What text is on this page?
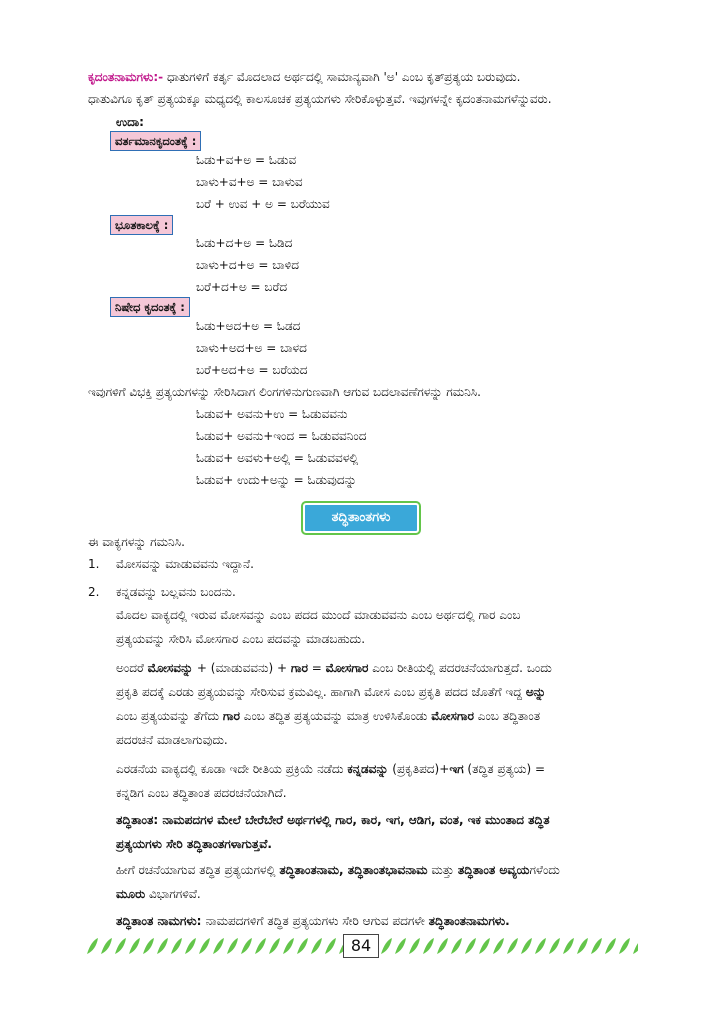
ಕೃದಂತನಾಮಗಳು:- ಧಾತುಗಳಿಗೆ ಕರ್ತೃ ಮೊದಲಾದ ಅರ್ಥದಲ್ಲಿ ಸಾಮಾನ್ಯವಾಗಿ 'ಅ' ಎಂಬ ಕೃತ್‍ಪ್ರತ್ಯಯ ಬರುವುದು.
ಧಾತುವಿಗೂ ಕೃತ್ ಪ್ರತ್ಯಯಕ್ಕೂ ಮಧ್ಯದಲ್ಲಿ ಕಾಲಸೂಚಕ ಪ್ರತ್ಯಯಗಳು ಸೇರಿಕೊಳ್ಳುತ್ತವೆ. ಇವುಗಳನ್ನೇ ಕೃದಂತನಾಮಗಳೆನ್ನುವರು.

ಉದಾ:
ವರ್ತಮಾನಕೃದಂತಕ್ಕೆ :
ಓಡು+ವ+ಅ = ಓಡುವ
ಬಾಳು+ವ+ಅ = ಬಾಳುವ
ಬರೆ + ಉವ + ಅ = ಬರೆಯುವ
ಭೂತಕಾಲಕ್ಕೆ :
ಓಡು+ದ+ಅ = ಓಡಿದ
ಬಾಳು+ದ+ಅ = ಬಾಳಿದ
ಬರೆ+ದ+ಅ = ಬರೆದ
ನಿಷೇಧ ಕೃದಂತಕ್ಕೆ :
ಓಡು+ಅದ+ಅ = ಓಡದ
ಬಾಳು+ಅದ+ಅ = ಬಾಳದ
ಬರೆ+ಅದ+ಅ = ಬರೆಯದ
ಇವುಗಳಿಗೆ ವಿಭಕ್ತಿ ಪ್ರತ್ಯಯಗಳನ್ನು ಸೇರಿಸಿದಾಗ ಲಿಂಗಗಳಿನುಗುಣವಾಗಿ ಆಗುವ ಬದಲಾವಣೆಗಳನ್ನು ಗಮನಿಸಿ.
ಓಡುವ+ ಅವನು+ಉ = ಓಡುವವನು
ಓಡುವ+ ಅವನು+ಇಂದ = ಓಡುವವನಿಂದ
ಓಡುವ+ ಅವಳು+ಅಲ್ಲಿ = ಓಡುವವಳಲ್ಲಿ
ಓಡುವ+ ಉದು+ಅನ್ನು = ಓಡುವುದನ್ನು
ತದ್ಧಿತಾಂತಗಳು
ಈ ವಾಕ್ಯಗಳನ್ನು ಗಮನಿಸಿ.
1. ಮೋಸವನ್ನು ಮಾಡುವವನು ಇದ್ದಾನೆ.
2. ಕನ್ನಡವನ್ನು ಬಲ್ಲವನು ಬಂದನು.

ಮೊದಲ ವಾಕ್ಯದಲ್ಲಿ ಇರುವ ಮೋಸವನ್ನು ಎಂಬ ಪದದ ಮುಂದೆ ಮಾಡುವವನು ಎಂಬ ಅರ್ಥದಲ್ಲಿ ಗಾರ ಎಂಬ
ಪ್ರತ್ಯಯವನ್ನು ಸೇರಿಸಿ ಮೋಸಗಾರ ಎಂಬ ಪದವನ್ನು ಮಾಡಬಹುದು.

ಅಂದರೆ ಮೋಸವನ್ನು + (ಮಾಡುವವನು) + ಗಾರ = ಮೋಸಗಾರ ಎಂಬ ರೀತಿಯಲ್ಲಿ ಪದರಚನೆಯಾಗುತ್ತದೆ. ಒಂದು
ಪ್ರಕೃತಿ ಪದಕ್ಕೆ ಎರಡು ಪ್ರತ್ಯಯವನ್ನು ಸೇರಿಸುವ ಕ್ರಮವಿಲ್ಲ. ಹಾಗಾಗಿ ಮೋಸ ಎಂಬ ಪ್ರಕೃತಿ ಪದದ ಜೊತೆಗೆ ಇದ್ದ ಅನ್ನು
ಎಂಬ ಪ್ರತ್ಯಯವನ್ನು ತೆಗೆದು ಗಾರ ಎಂಬ ತದ್ಧಿತ ಪ್ರತ್ಯಯವನ್ನು ಮಾತ್ರ ಉಳಿಸಿಕೊಂಡು ಮೋಸಗಾರ ಎಂಬ ತದ್ಧಿತಾಂತ
ಪದರಚನೆ ಮಾಡಲಾಗುವುದು.

ಎರಡನೆಯ ವಾಕ್ಯದಲ್ಲಿ ಕೂಡಾ ಇದೇ ರೀತಿಯ ಪ್ರಕ್ರಿಯೆ ನಡೆದು ಕನ್ನಡವನ್ನು (ಪ್ರಕೃತಿಪದ)+ಇಗ (ತದ್ಧಿತ ಪ್ರತ್ಯಯ) =
ಕನ್ನಡಿಗ ಎಂಬ ತದ್ಧಿತಾಂತ ಪದರಚನೆಯಾಗಿದೆ.

ತದ್ಧಿತಾಂತ: ನಾಮಪದಗಳ ಮೇಲೆ ಬೇರೆಬೇರೆ ಅರ್ಥಗಳಲ್ಲಿ ಗಾರ, ಕಾರ, ಇಗ, ಆಡಿಗ, ವಂತ, ಇಕ ಮುಂತಾದ ತದ್ಧಿತ
ಪ್ರತ್ಯಯಗಳು ಸೇರಿ ತದ್ಧಿತಾಂತಗಳಾಗುತ್ತವೆ.

ಹೀಗೆ ರಚನೆಯಾಗುವ ತದ್ಧಿತ ಪ್ರತ್ಯಯಗಳಲ್ಲಿ ತದ್ಧಿತಾಂತನಾಮ, ತದ್ಧಿತಾಂತಭಾವನಾಮ ಮತ್ತು ತದ್ಧಿತಾಂತ ಅವ್ಯಯಗಳೆಂದು
ಮೂರು ವಿಭಾಗಗಳಿವೆ.

ತದ್ಧಿತಾಂತ ನಾಮಗಳು: ನಾಮಪದಗಳಿಗೆ ತದ್ಧಿತ ಪ್ರತ್ಯಯಗಳು ಸೇರಿ ಆಗುವ ಪದಗಳೇ ತದ್ಧಿತಾಂತನಾಮಗಳು.

84
